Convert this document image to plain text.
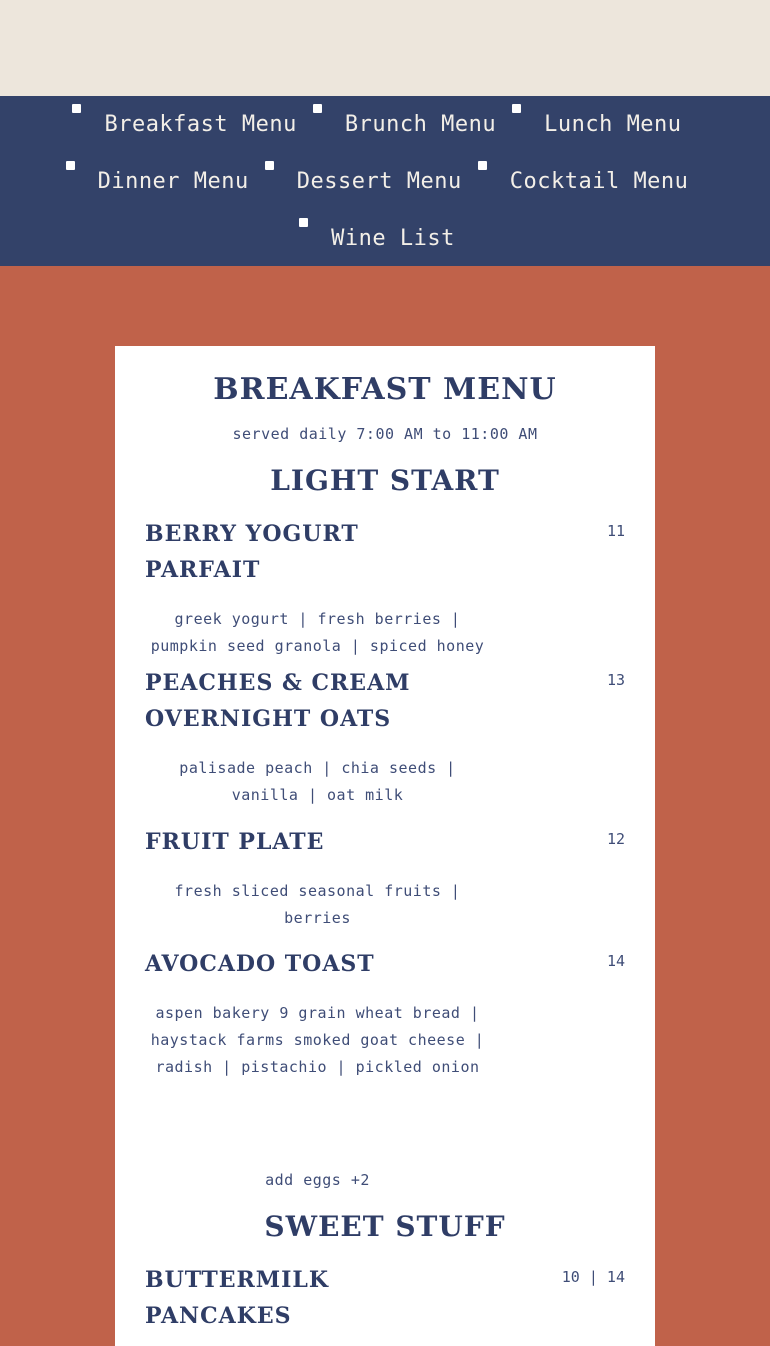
Breakfast Menu	Brunch Menu	Lunch Menu
Dinner Menu	Dessert Menu	Cocktail Menu
Wine List
BREAKFAST MENU
served daily 7:00 AM to 11:00 AM
LIGHT START
BERRY YOGURT PARFAIT
11
greek yogurt | fresh berries | pumpkin seed granola | spiced honey
PEACHES & CREAM OVERNIGHT OATS
13
palisade peach | chia seeds | vanilla | oat milk
FRUIT PLATE	12
fresh sliced seasonal fruits | berries
AVOCADO TOAST	14
aspen bakery 9 grain wheat bread | haystack farms smoked goat cheese | radish | pistachio | pickled onion
add eggs +2
SWEET STUFF
BUTTERMILK PANCAKES
10 | 14
